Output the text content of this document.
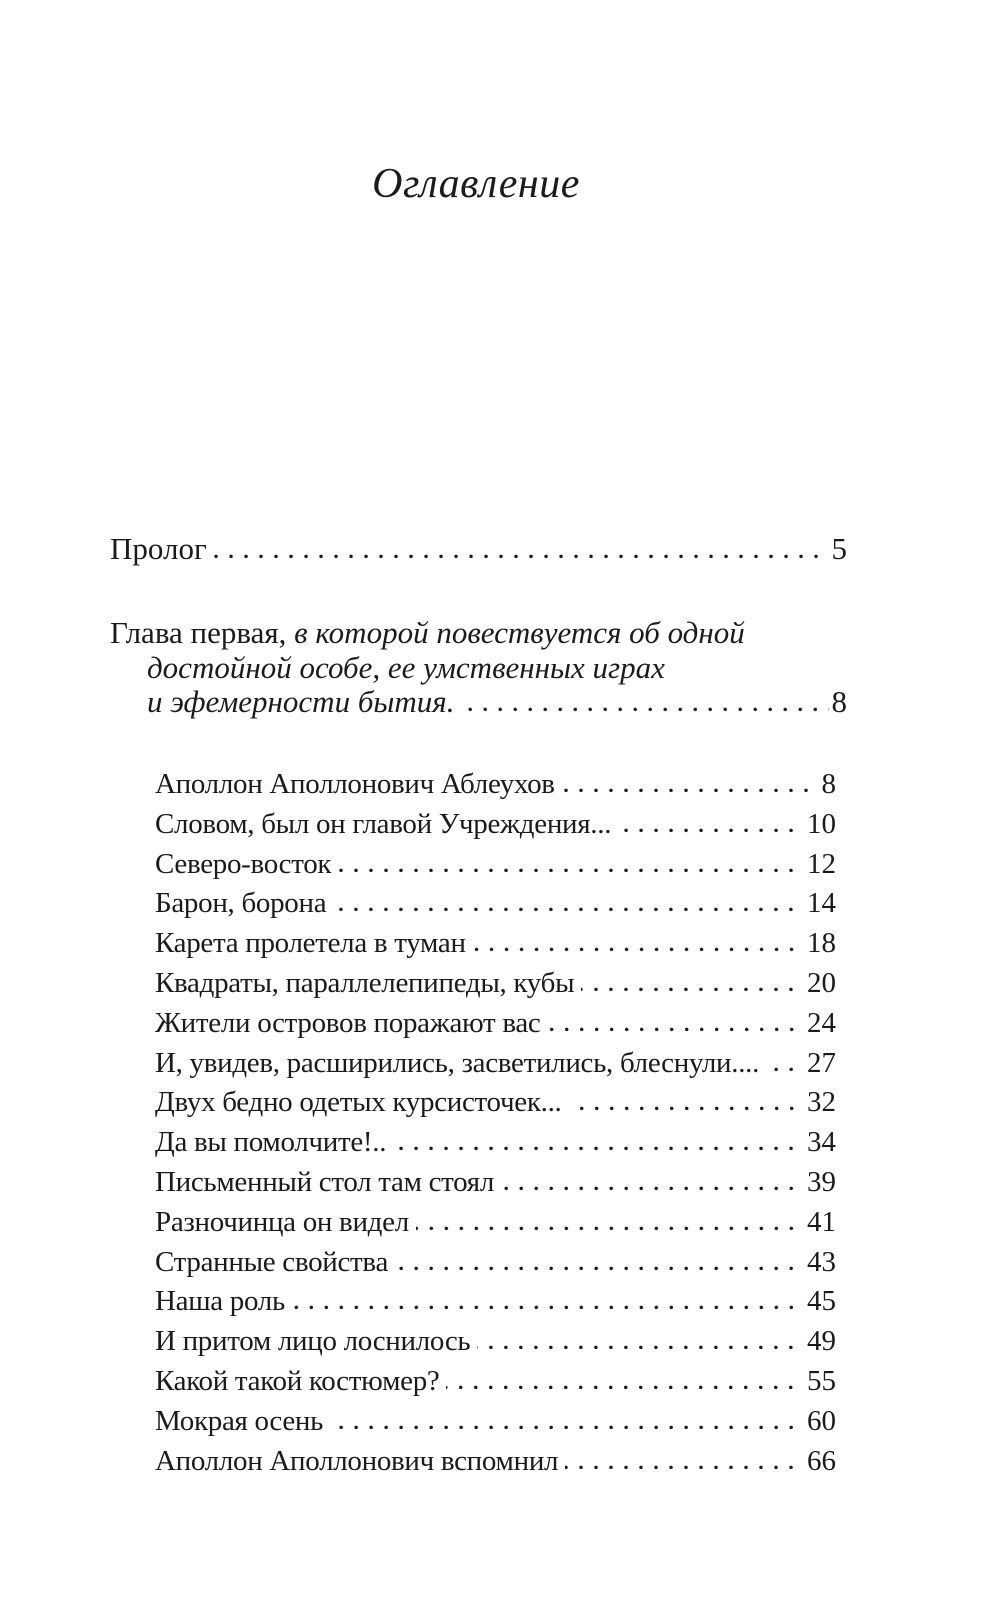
Оглавление
Пролог	5
Глава первая, в которой повествуется об одной
достойной особе, ее умственных играх
и эфемерности бытия.	8
Аполлон Аполлонович Аблеухов	8
Словом, был он главой Учреждения...	10
Северо-восток	12
Барон, борона	14
Карета пролетела в туман	18
Квадраты, параллелепипеды, кубы	20
Жители островов поражают вас	24
И, увидев, расширились, засветились, блеснули.... 27
Двух бедно одетых курсисточек...	32
Да вы помолчите!..	34
Письменный стол там стоял	39
Разночинца он видел	41
Странные свойства	43
Наша роль	45
И притом лицо лоснилось	49
Какой такой костюмер?	55
Мокрая осень	60
Аполлон Аполлонович вспомнил	66
